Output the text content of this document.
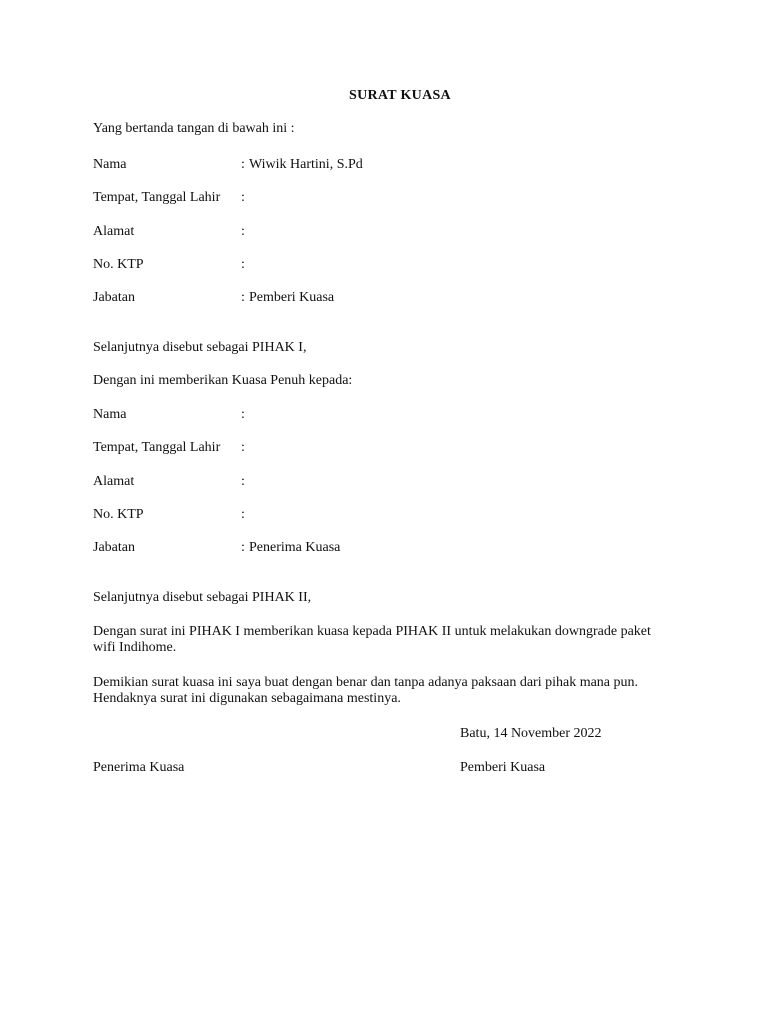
SURAT KUASA
Yang bertanda tangan di bawah ini :
Nama	: Wiwik Hartini, S.Pd
Tempat, Tanggal Lahir :
Alamat	:
No. KTP	:
Jabatan	: Pemberi Kuasa
Selanjutnya disebut sebagai PIHAK I,
Dengan ini memberikan Kuasa Penuh kepada:
Nama	:
Tempat, Tanggal Lahir :
Alamat	:
No. KTP	:
Jabatan	: Penerima Kuasa
Selanjutnya disebut sebagai PIHAK II,
Dengan surat ini PIHAK I memberikan kuasa kepada PIHAK II untuk melakukan downgrade paket
wifi Indihome.
Demikian surat kuasa ini saya buat dengan benar dan tanpa adanya paksaan dari pihak mana pun.
Hendaknya surat ini digunakan sebagaimana mestinya.
Batu, 14 November 2022
Penerima Kuasa	Pemberi Kuasa
